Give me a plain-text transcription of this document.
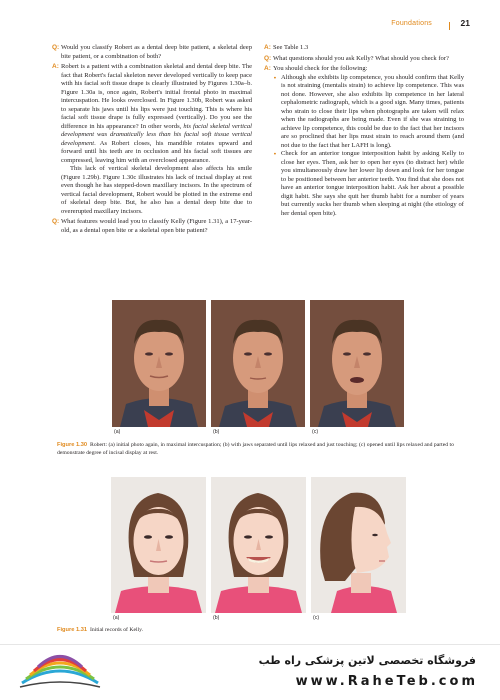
Foundations	21
Q: Would you classify Robert as a dental deep bite patient, a skeletal deep bite patient, or a combination of both?
A: Robert is a patient with a combination skeletal and dental deep bite. The fact that Robert's facial skeleton never developed vertically to keep pace with his facial soft tissue drape is clearly illustrated by Figures 1.30a–b. Figure 1.30a is, once again, Robert's initial frontal photo in maximal intercuspation. He looks overclosed. In Figure 1.30b, Robert was asked to separate his jaws until his lips were just touching. This is where his facial soft tissue drape is fully expressed (vertically). Do you see the difference in his appearance? In other words, his facial skeletal vertical development was dramatically less than his facial soft tissue vertical development. As Robert closes, his mandible rotates upward and forward until his teeth are in occlusion and his facial soft tissues are compressed, leaving him with an overclosed appearance.

This lack of vertical skeletal development also affects his smile (Figure 1.29b). Figure 1.30c illustrates his lack of incisal display at rest even though he has stepped-down maxillary incisors. In the spectrum of vertical facial development, Robert would be plotted in the extreme end of skeletal deep bite. But, he also has a dental deep bite due to overerupted maxillary incisors.

Q: What features would lead you to classify Kelly (Figure 1.31), a 17-year-old, as a dental open bite or a skeletal open bite patient?
A: See Table 1.3
Q: What questions should you ask Kelly? What should you check for?
A: You should check for the following:
• Although she exhibits lip competence, you should confirm that Kelly is not straining (mentalis strain) to achieve lip competence. This was not done. However, she also exhibits lip competence in her lateral cephalometric radiograph, which is a good sign. Many times, patients who strain to close their lips when photographs are taken will relax when the radiographs are being made. Even if she was straining to achieve lip competence, this could be due to the fact that her incisors are so proclined that her lips must strain to reach around them (and not due to the fact that her LAFH is long).
• Check for an anterior tongue interposition habit by asking Kelly to close her eyes. Then, ask her to open her eyes (to distract her) while you simultaneously draw her lower lip down and look for her tongue to be positioned between her anterior teeth. You find that she does not have an anterior tongue interposition habit. Ask her about a possible digit habit. She says she quit her thumb habit for a number of years but currently sucks her thumb when sleeping at night (the etiology of her dental open bite).
(a)	(b)	(c)
Figure 1.30 Robert: (a) initial photo again, in maximal intercuspation; (b) with jaws separated until lips relaxed and just touching; (c) opened until lips relaxed and parted to demonstrate degree of incisal display at rest.
(a)	(b)	(c)
Figure 1.31 Initial records of Kelly.
فروشگاه تخصصی لاتین پزشکی راه طب
www.RaheTeb.com
